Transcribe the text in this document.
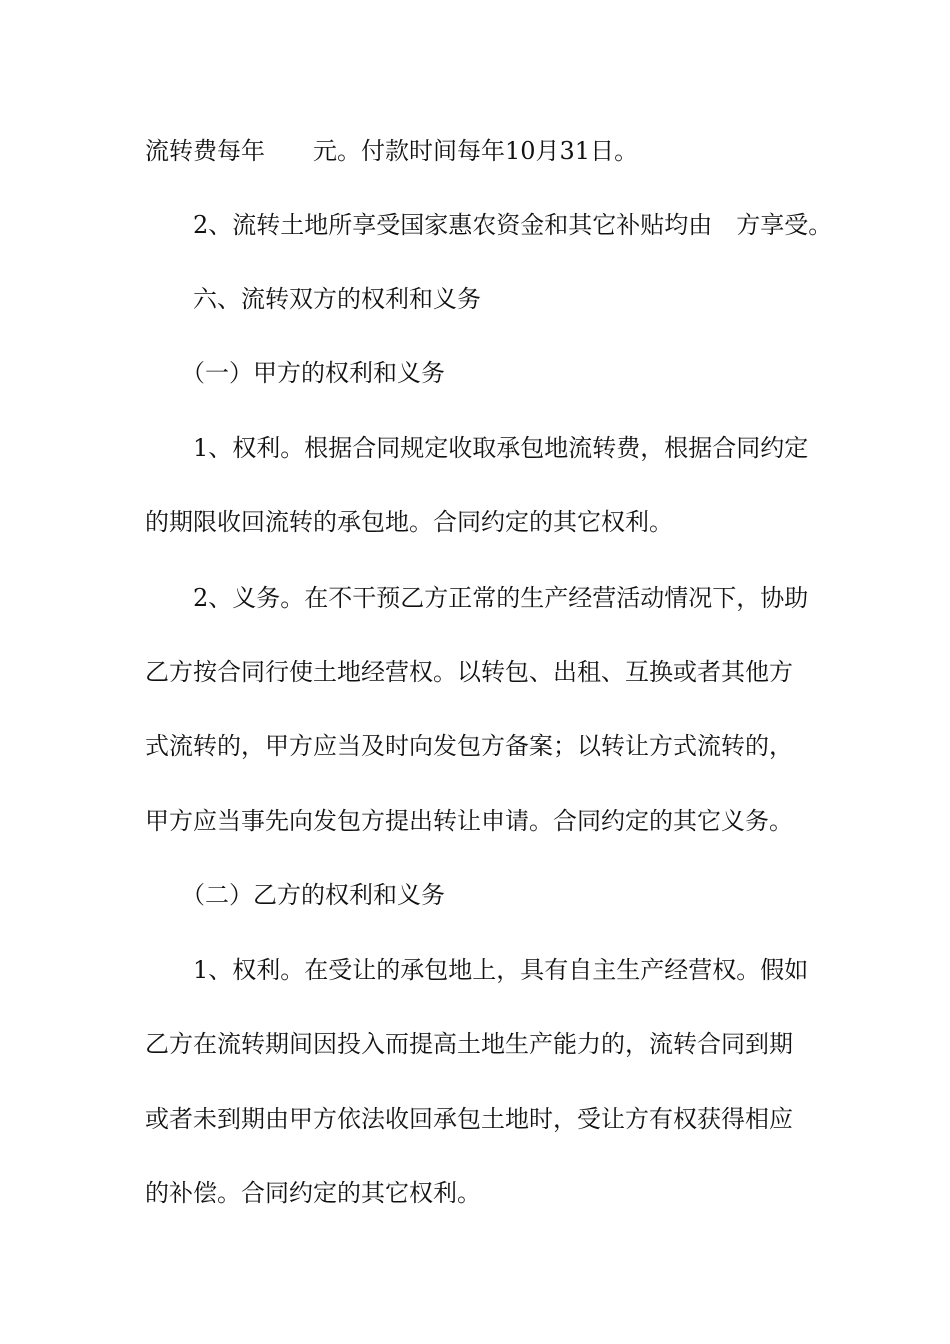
流转费每年　　元。付款时间每年10月31日。

　　2、流转土地所享受国家惠农资金和其它补贴均由　方享受。

　　六、流转双方的权利和义务

　　（一）甲方的权利和义务

　　1、权利。根据合同规定收取承包地流转费，根据合同约定

的期限收回流转的承包地。合同约定的其它权利。

　　2、义务。在不干预乙方正常的生产经营活动情况下，协助

乙方按合同行使土地经营权。以转包、出租、互换或者其他方

式流转的，甲方应当及时向发包方备案；以转让方式流转的，

甲方应当事先向发包方提出转让申请。合同约定的其它义务。

　　（二）乙方的权利和义务

　　1、权利。在受让的承包地上，具有自主生产经营权。假如

乙方在流转期间因投入而提高土地生产能力的，流转合同到期

或者未到期由甲方依法收回承包土地时，受让方有权获得相应

的补偿。合同约定的其它权利。
